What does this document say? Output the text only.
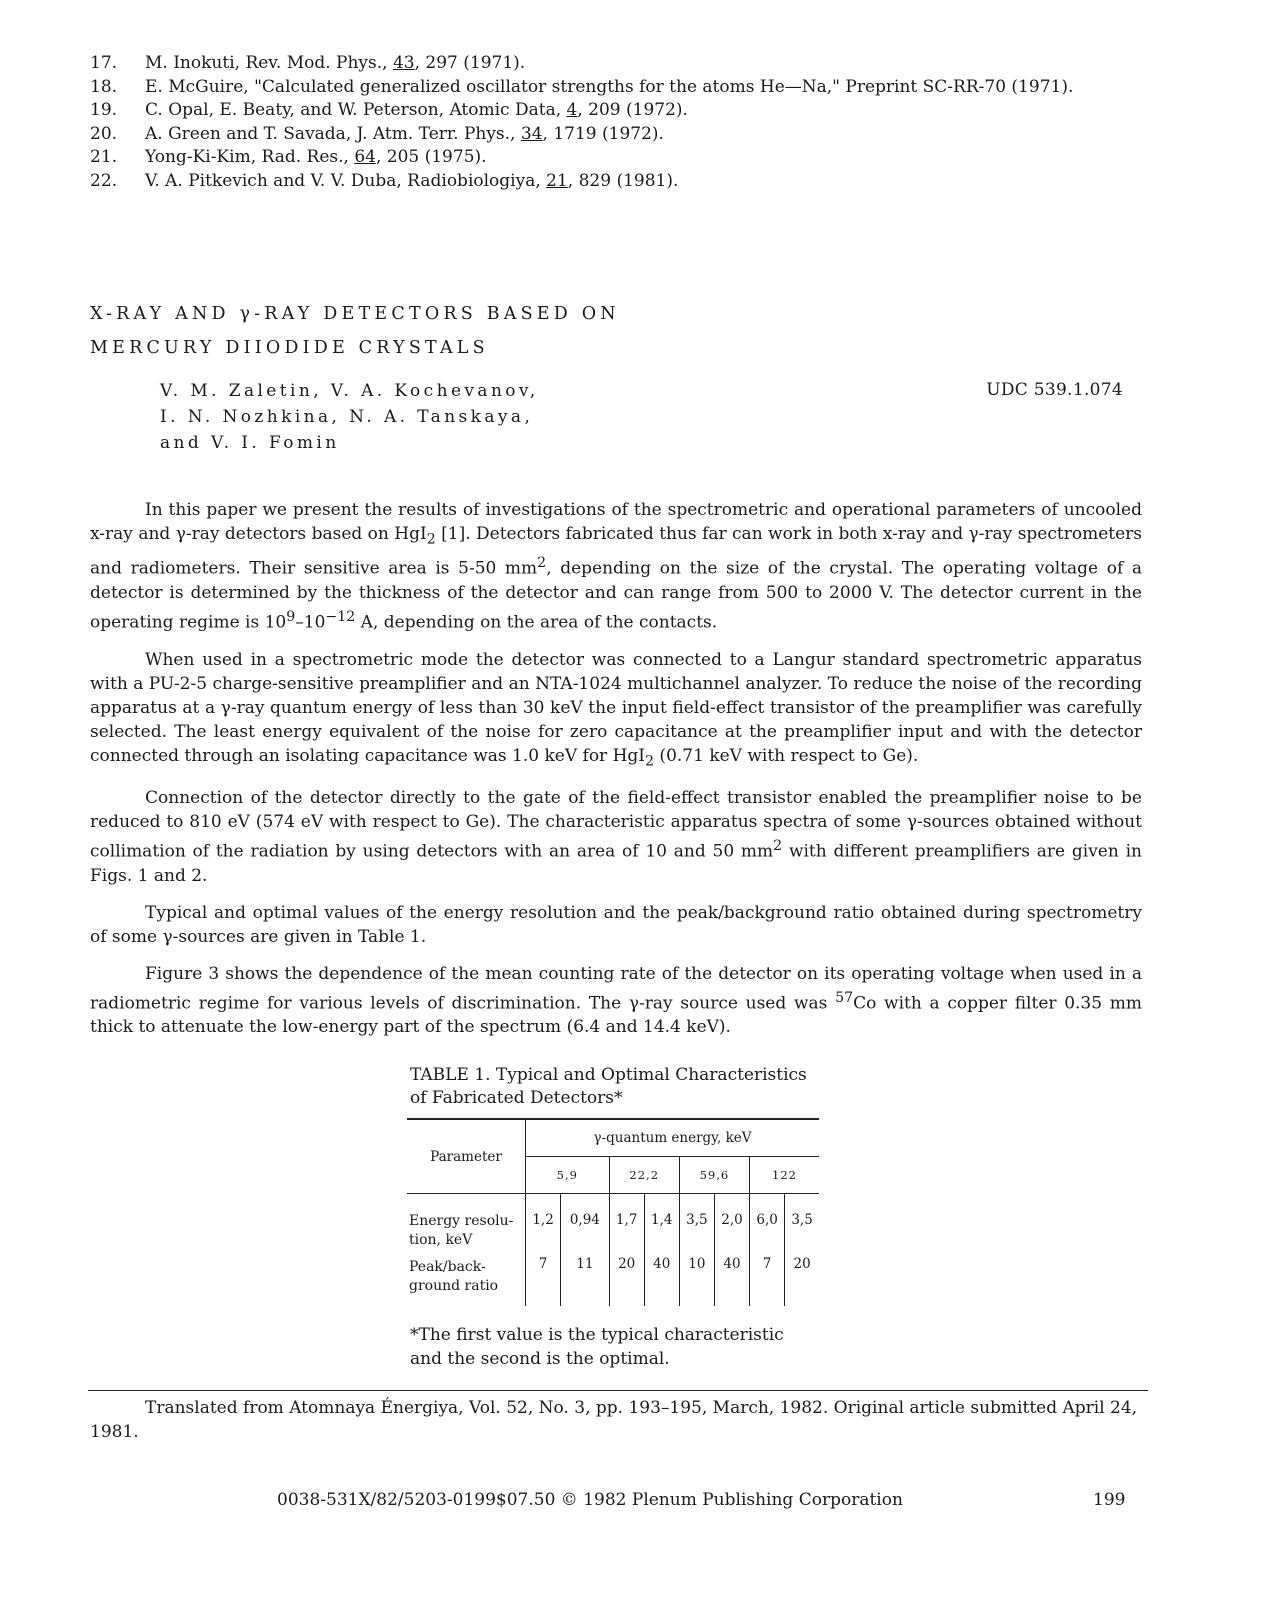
17.	M. Inokuti, Rev. Mod. Phys., 43, 297 (1971).
18.	E. McGuire, "Calculated generalized oscillator strengths for the atoms He—Na," Preprint SC-RR-70 (1971).
19.	C. Opal, E. Beaty, and W. Peterson, Atomic Data, 4, 209 (1972).
20.	A. Green and T. Savada, J. Atm. Terr. Phys., 34, 1719 (1972).
21.	Yong-Ki-Kim, Rad. Res., 64, 205 (1975).
22.	V. A. Pitkevich and V. V. Duba, Radiobiologiya, 21, 829 (1981).
X-RAY AND γ-RAY DETECTORS BASED ON
MERCURY DIIODIDE CRYSTALS
V. M. Zaletin, V. A. Kochevanov,
I. N. Nozhkina, N. A. Tanskaya,
and V. I. Fomin
UDC 539.1.074

In this paper we present the results of investigations of the spectrometric and operational parameters of uncooled x-ray and γ-ray detectors based on HgI$_2$ [1]. Detectors fabricated thus far can work in both x-ray and γ-ray spectrometers and radiometers. Their sensitive area is 5-50 $mm^2$, depending on the size of the crystal. The operating voltage of a detector is determined by the thickness of the detector and can range from 500 to 2000 V. The detector current in the operating regime is $10^9-10^{-12}$ A, depending on the area of the contacts.

When used in a spectrometric mode the detector was connected to a Langur standard spectrometric apparatus with a PU-2-5 charge-sensitive preamplifier and an NTA-1024 multichannel analyzer. To reduce the noise of the recording apparatus at a γ-ray quantum energy of less than 30 keV the input field-effect transistor of the preamplifier was carefully selected. The least energy equivalent of the noise for zero capacitance at the preamplifier input and with the detector connected through an isolating capacitance was 1.0 keV for HgI$_2$ (0.71 keV with respect to Ge).

Connection of the detector directly to the gate of the field-effect transistor enabled the preamplifier noise to be reduced to 810 eV (574 eV with respect to Ge). The characteristic apparatus spectra of some γ-sources obtained without collimation of the radiation by using detectors with an area of 10 and 50 $mm^2$ with different preamplifiers are given in Figs. 1 and 2.

Typical and optimal values of the energy resolution and the peak/background ratio obtained during spectrometry of some γ-sources are given in Table 1.

Figure 3 shows the dependence of the mean counting rate of the detector on its operating voltage when used in a radiometric regime for various levels of discrimination. The γ-ray source used was $^{57}$Co with a copper filter 0.35 mm thick to attenuate the low-energy part of the spectrum (6.4 and 14.4 keV).

TABLE 1. Typical and Optimal Characteristics
of Fabricated Detectors*
Parameter	γ-quantum energy, keV							
	5,9		22,2		59,6		122	

Energy resolu-
tion, keV	1,2	0,94	1,7	1,4	3,5	2,0	6,0	3,5

Peak/back-
ground ratio	7	11	20	40	10	40	7	20
*The first value is the typical characteristic
and the second is the optimal.
Translated from Atomnaya Énergiya, Vol. 52, No. 3, pp. 193–195, March, 1982. Original article submitted April 24, 1981.
0038-531X/82/5203-0199$07.50 © 1982 Plenum Publishing Corporation	199
